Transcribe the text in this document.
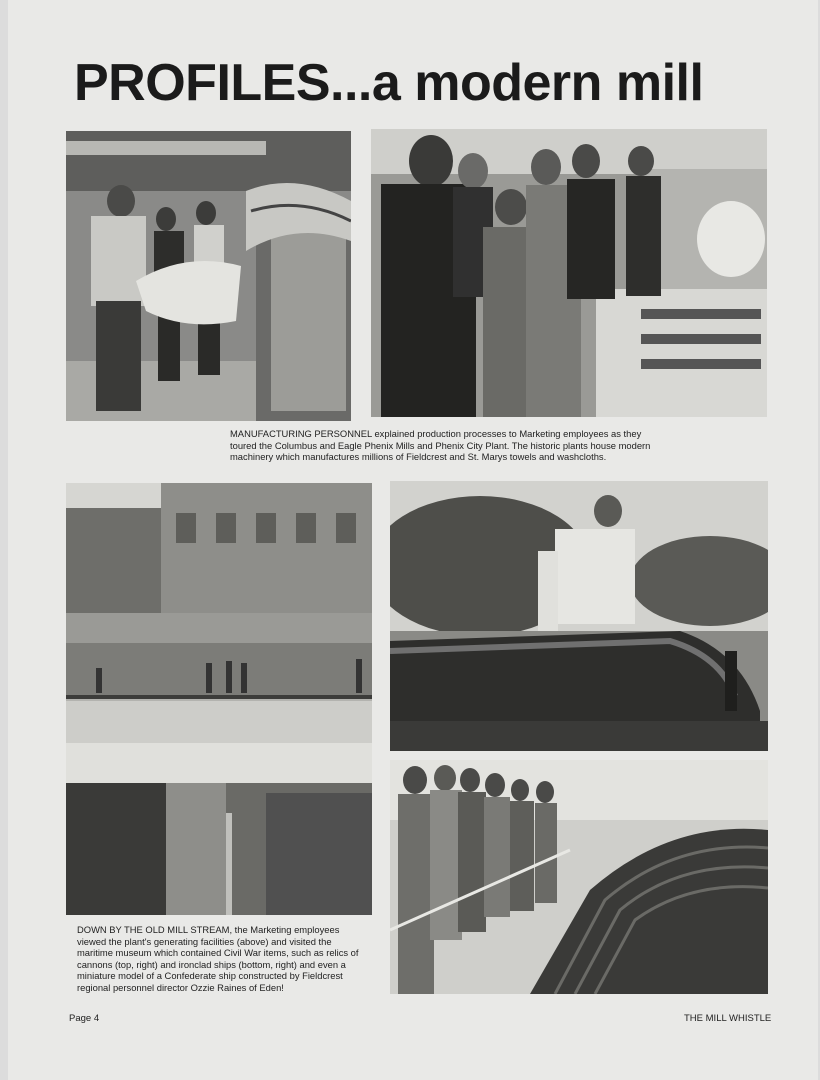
PROFILES...a modern mill

MANUFACTURING PERSONNEL explained production processes to Marketing employees as they toured the Columbus and Eagle Phenix Mills and Phenix City Plant. The historic plants house modern machinery which manufactures millions of Fieldcrest and St. Marys towels and washcloths.

DOWN BY THE OLD MILL STREAM, the Marketing employees viewed the plant's generating facilities (above) and visited the maritime museum which contained Civil War items, such as relics of cannons (top, right) and ironclad ships (bottom, right) and even a miniature model of a Confederate ship constructed by Fieldcrest regional personnel director Ozzie Raines of Eden!

Page 4	THE MILL WHISTLE
